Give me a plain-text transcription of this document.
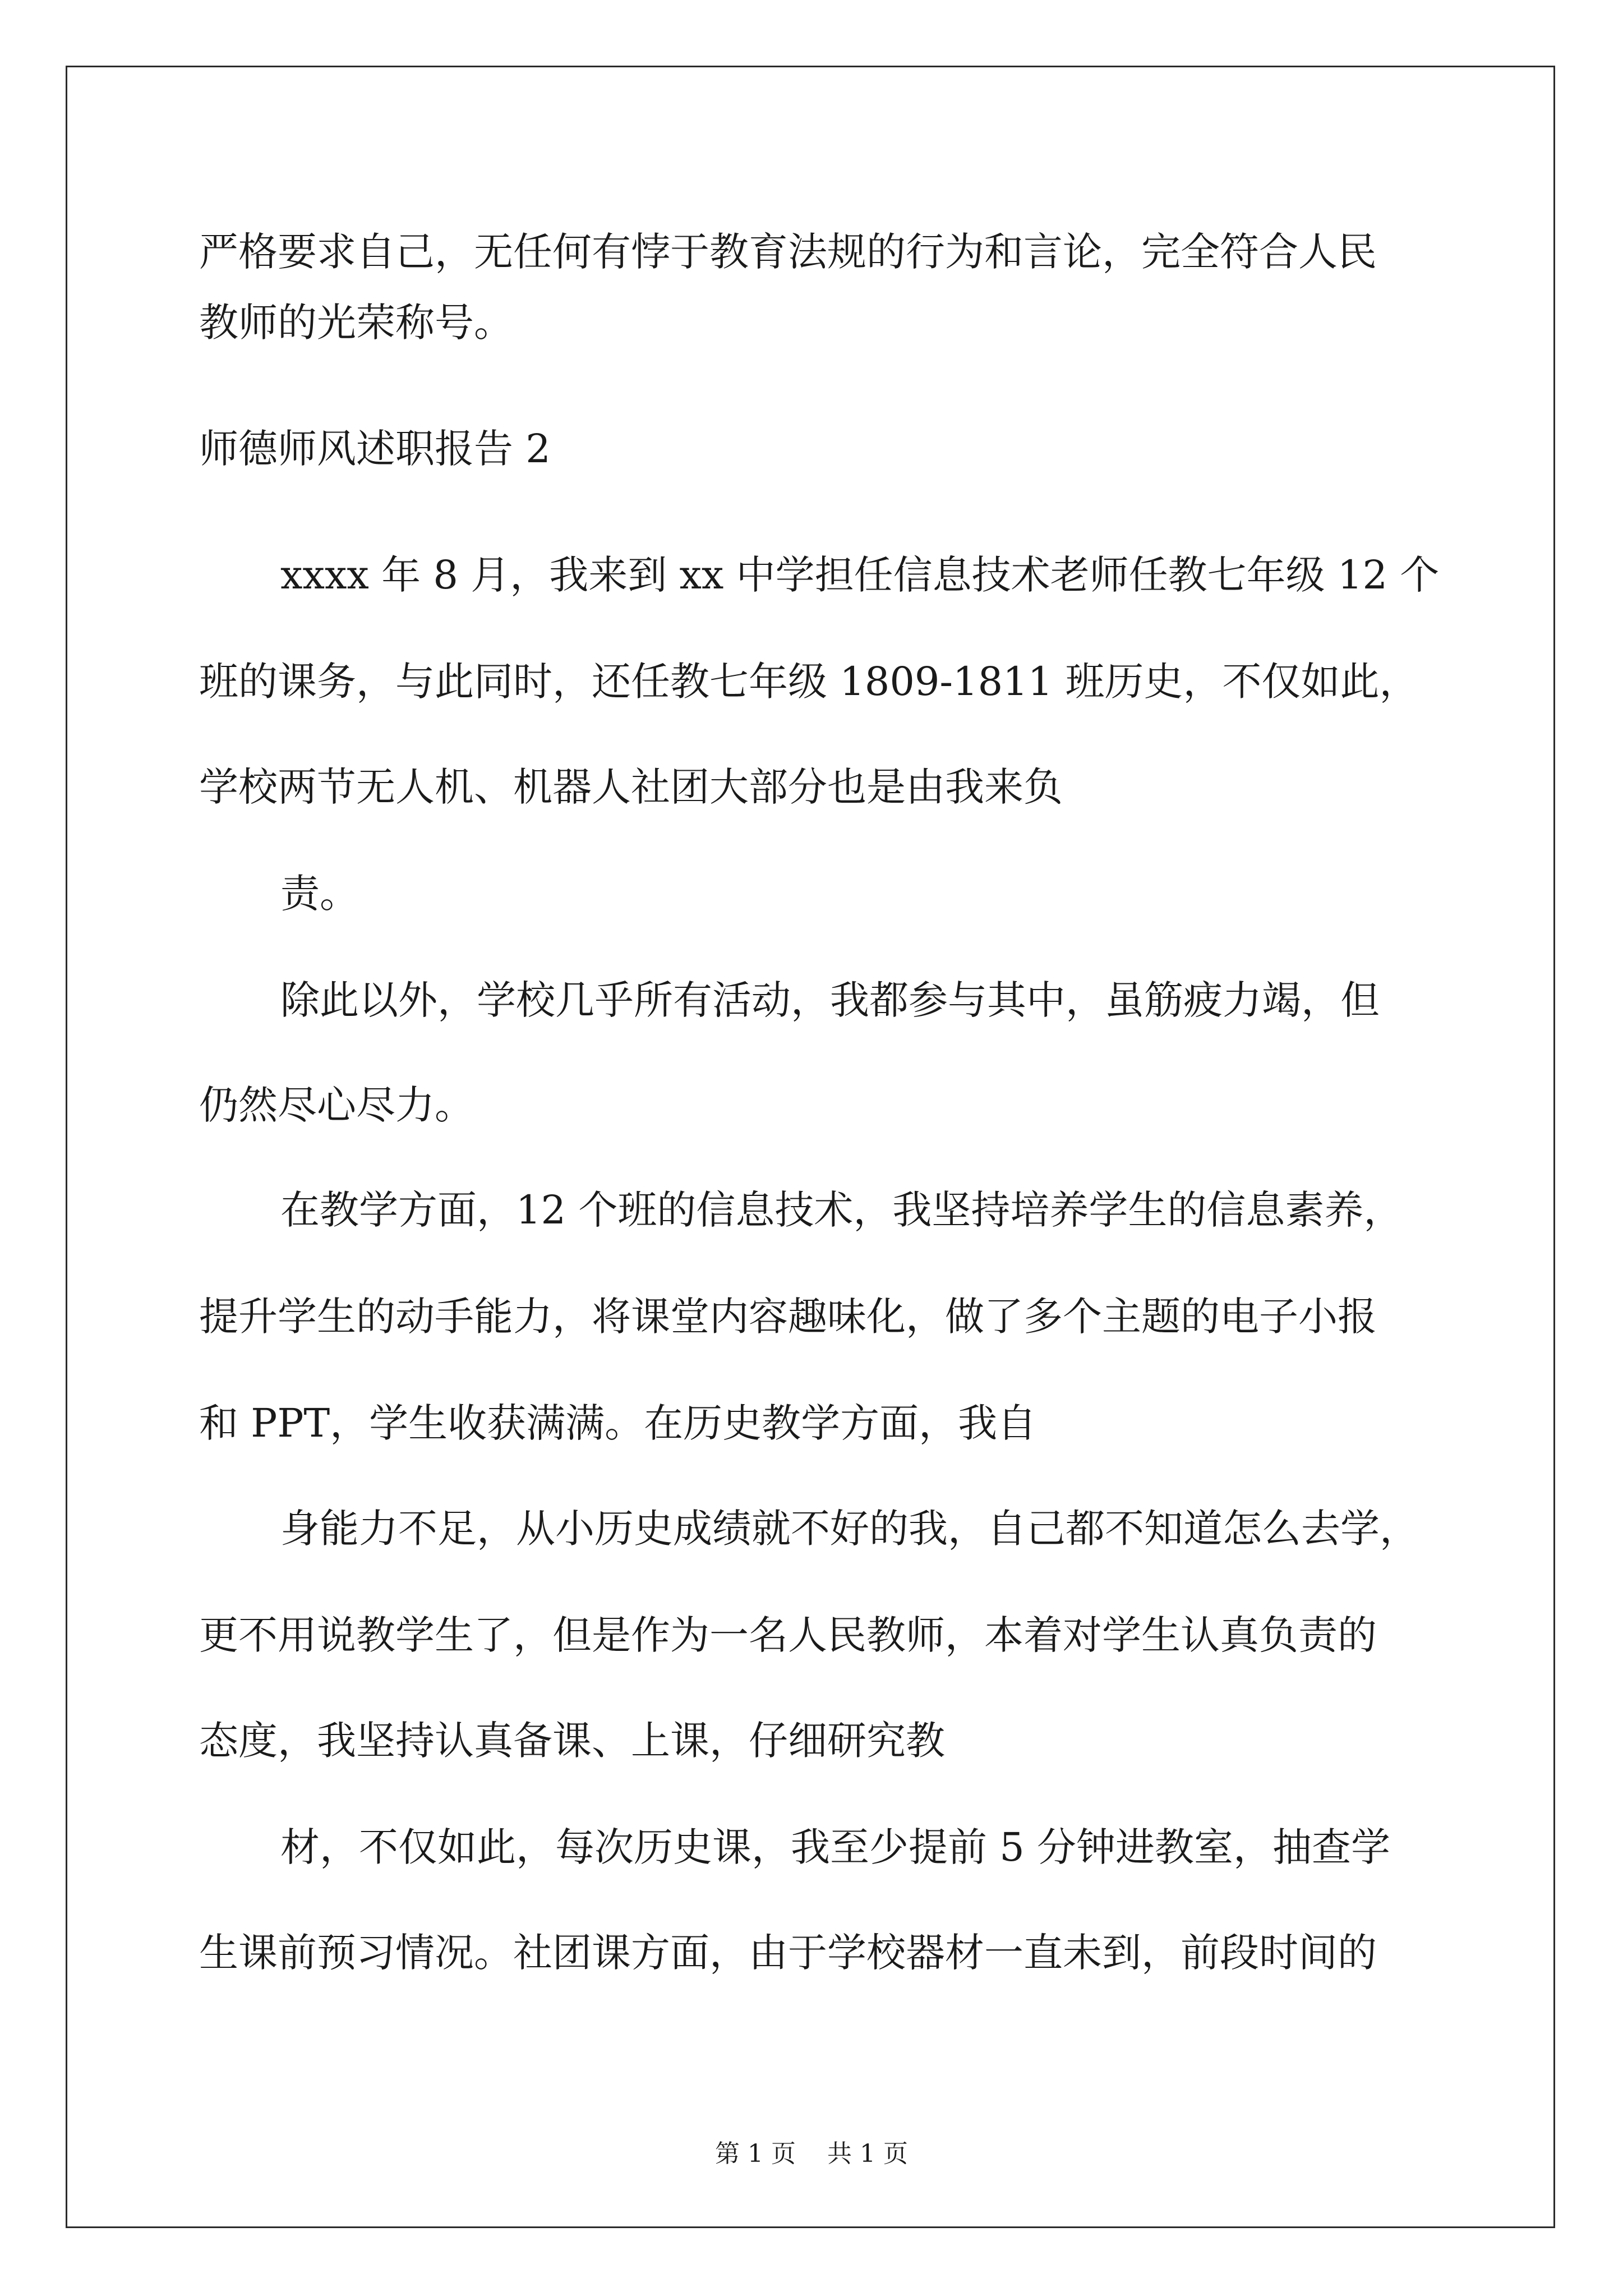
严格要求自己，无任何有悖于教育法规的行为和言论，完全符合人民
教师的光荣称号。
师德师风述职报告 2
xxxx 年 8 月，我来到 xx 中学担任信息技术老师任教七年级 12 个
班的课务，与此同时，还任教七年级 1809-1811 班历史，不仅如此，
学校两节无人机、机器人社团大部分也是由我来负
责。
除此以外，学校几乎所有活动，我都参与其中，虽筋疲力竭，但
仍然尽心尽力。
在教学方面，12 个班的信息技术，我坚持培养学生的信息素养，
提升学生的动手能力，将课堂内容趣味化，做了多个主题的电子小报
和 PPT，学生收获满满。在历史教学方面，我自
身能力不足，从小历史成绩就不好的我，自己都不知道怎么去学，
更不用说教学生了，但是作为一名人民教师，本着对学生认真负责的
态度，我坚持认真备课、上课，仔细研究教
材，不仅如此，每次历史课，我至少提前 5 分钟进教室，抽查学
生课前预习情况。社团课方面，由于学校器材一直未到，前段时间的
第 1 页 共 1 页
